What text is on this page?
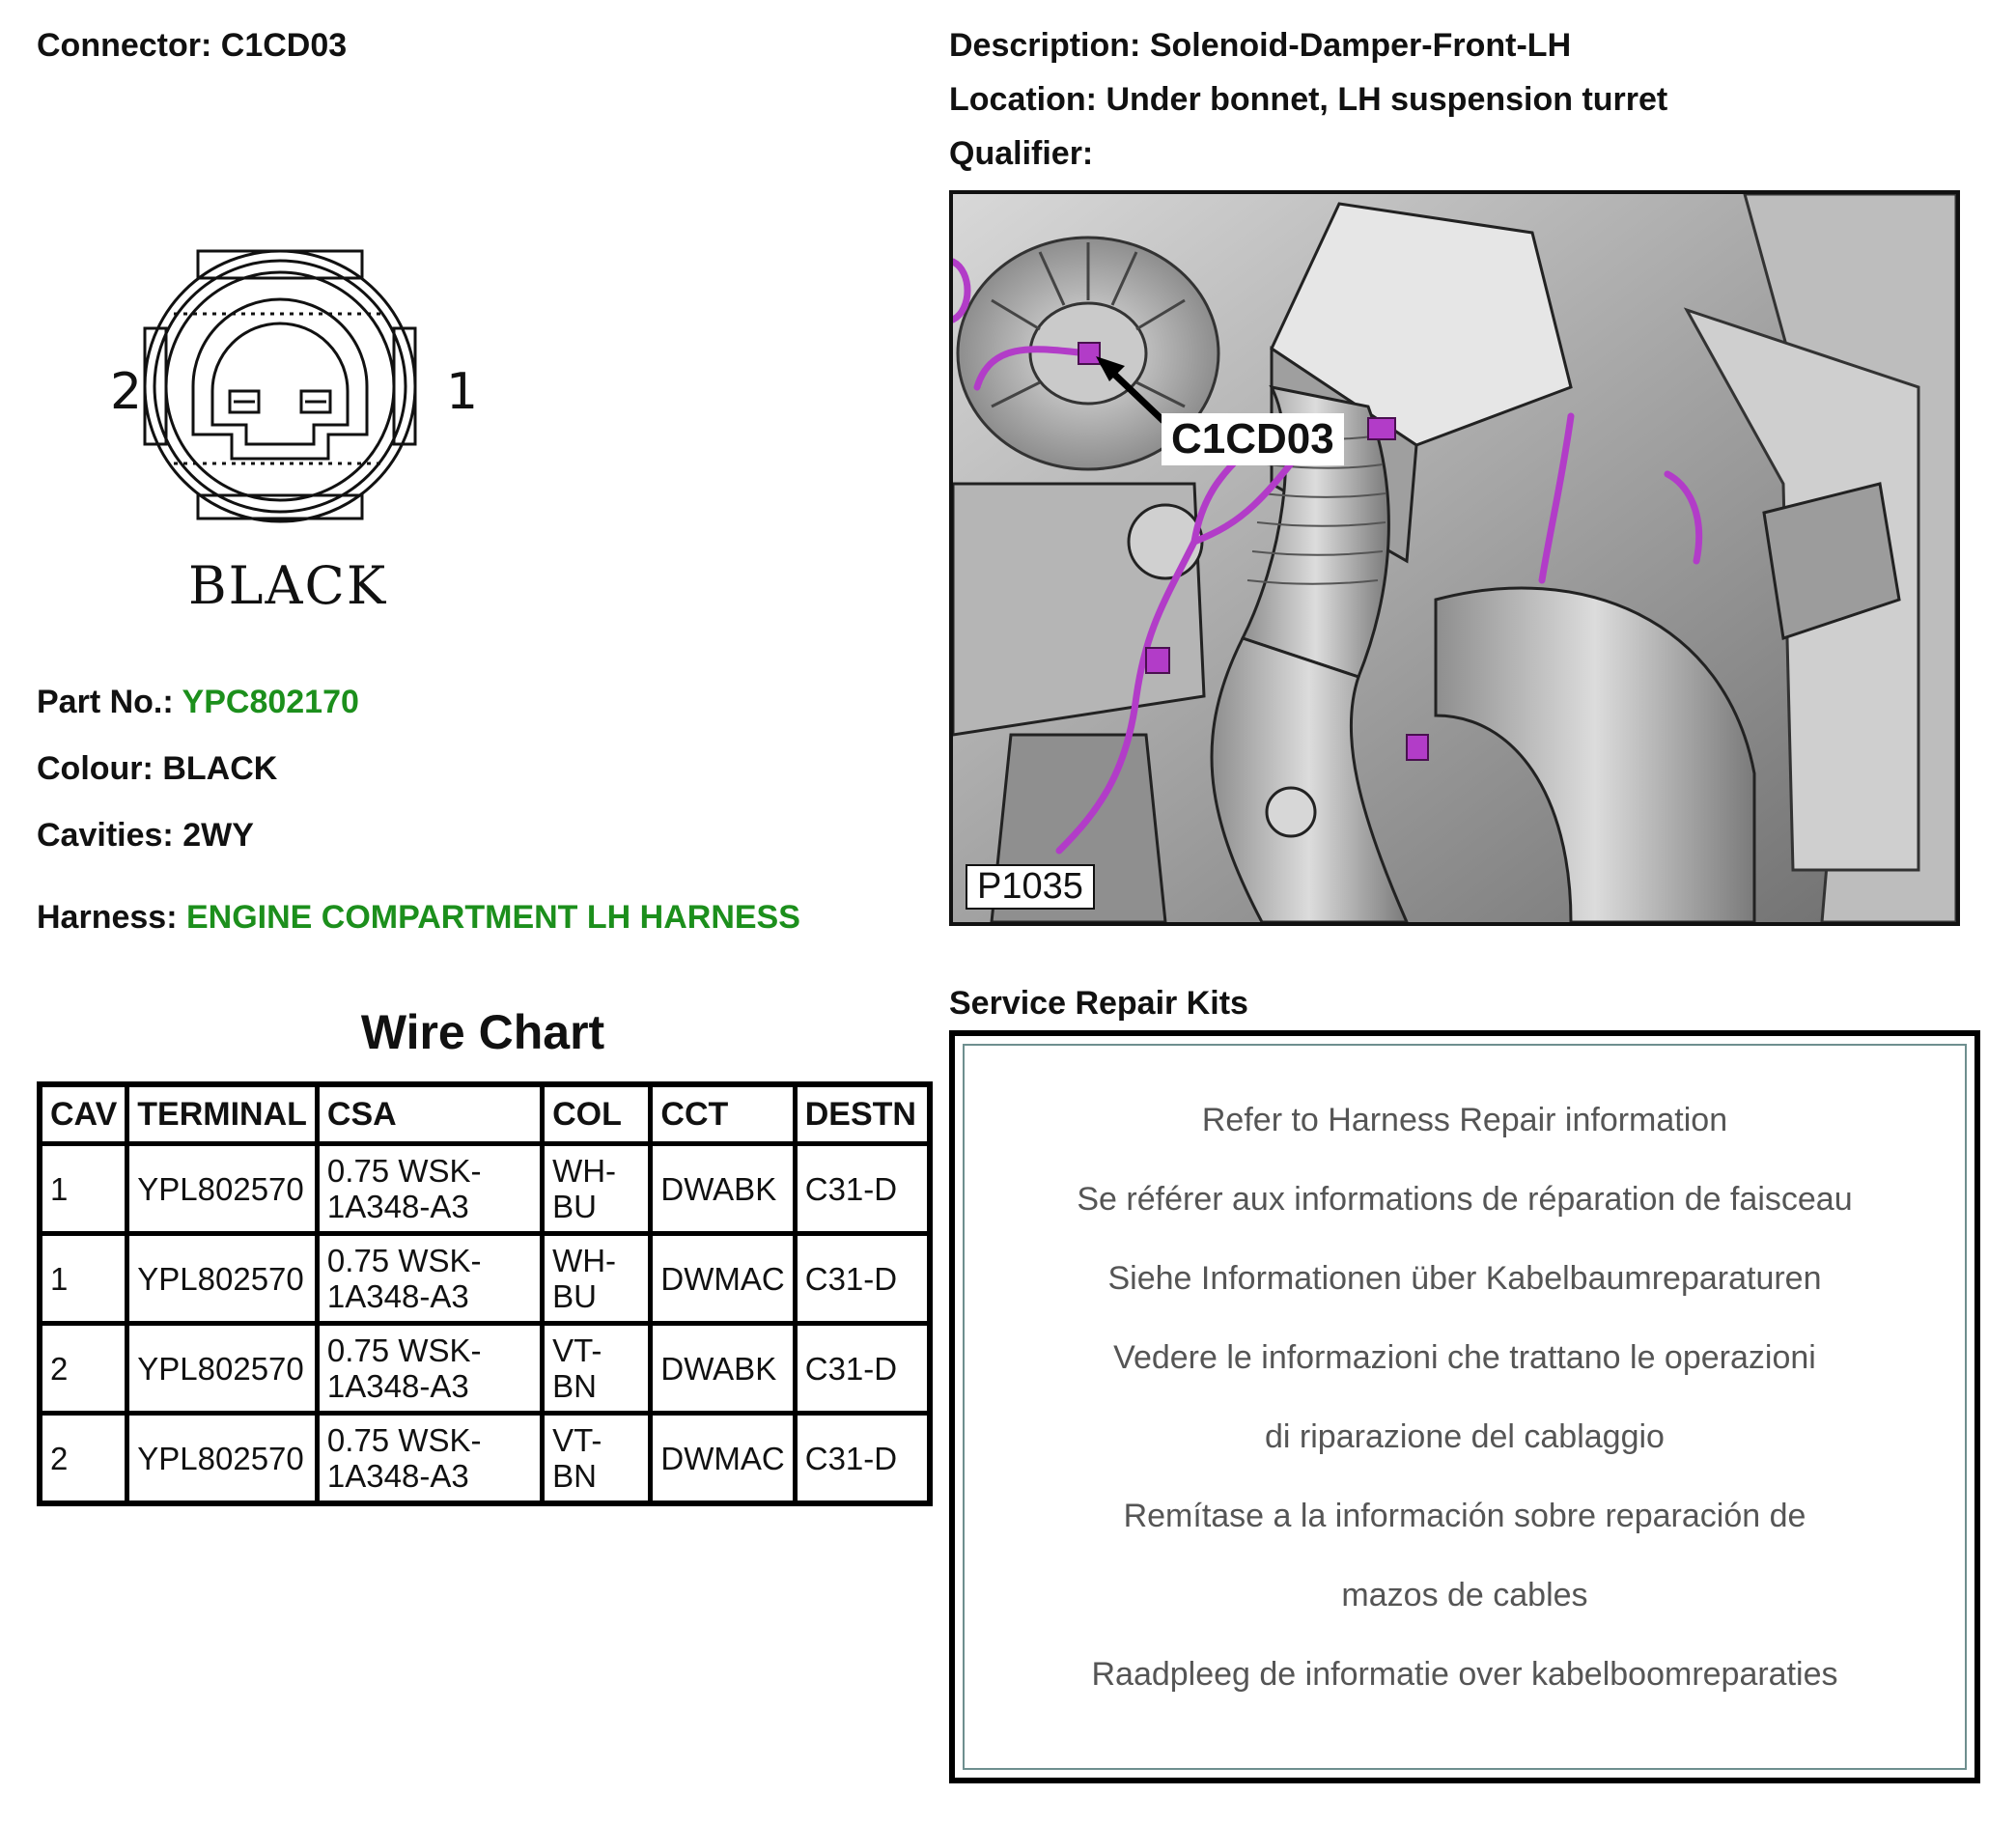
Connector: C1CD03	Description: Solenoid-Damper-Front-LH
Location: Under bonnet, LH suspension turret
Qualifier:
2	1
BLACK
Part No.: YPC802170
Colour: BLACK
Cavities: 2WY
Harness: ENGINE COMPARTMENT LH HARNESS
Wire Chart
CAV	TERMINAL	CSA	COL	CCT	DESTN
1	YPL802570	0.75 WSK-1A348-A3	WH-BU	DWABK	C31-D
1	YPL802570	0.75 WSK-1A348-A3	WH-BU	DWMAC	C31-D
2	YPL802570	0.75 WSK-1A348-A3	VT-BN	DWABK	C31-D
2	YPL802570	0.75 WSK-1A348-A3	VT-BN	DWMAC	C31-D
C1CD03
P1035
Service Repair Kits
Refer to Harness Repair information
Se référer aux informations de réparation de faisceau
Siehe Informationen über Kabelbaumreparaturen
Vedere le informazioni che trattano le operazioni
di riparazione del cablaggio
Remítase a la información sobre reparación de
mazos de cables
Raadpleeg de informatie over kabelboomreparaties
